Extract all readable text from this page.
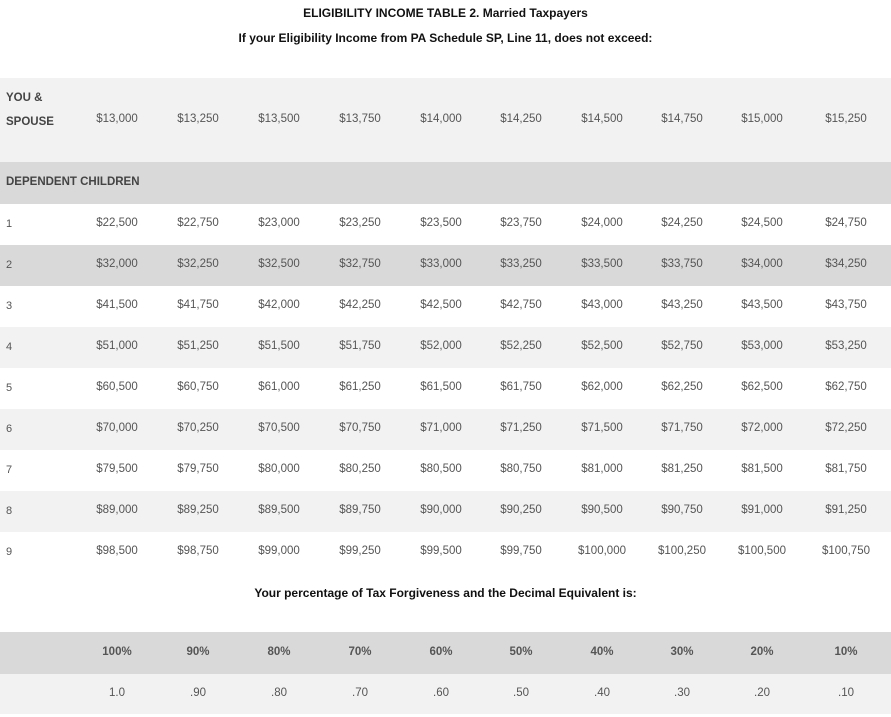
ELIGIBILITY INCOME TABLE 2. Married Taxpayers
If your Eligibility Income from PA Schedule SP, Line 11, does not exceed:
YOU &
SPOUSE	$13,000	$13,250	$13,500	$13,750	$14,000	$14,250	$14,500	$14,750	$15,000	$15,250
DEPENDENT CHILDREN
1	$22,500	$22,750	$23,000	$23,250	$23,500	$23,750	$24,000	$24,250	$24,500	$24,750
2	$32,000	$32,250	$32,500	$32,750	$33,000	$33,250	$33,500	$33,750	$34,000	$34,250
3	$41,500	$41,750	$42,000	$42,250	$42,500	$42,750	$43,000	$43,250	$43,500	$43,750
4	$51,000	$51,250	$51,500	$51,750	$52,000	$52,250	$52,500	$52,750	$53,000	$53,250
5	$60,500	$60,750	$61,000	$61,250	$61,500	$61,750	$62,000	$62,250	$62,500	$62,750
6	$70,000	$70,250	$70,500	$70,750	$71,000	$71,250	$71,500	$71,750	$72,000	$72,250
7	$79,500	$79,750	$80,000	$80,250	$80,500	$80,750	$81,000	$81,250	$81,500	$81,750
8	$89,000	$89,250	$89,500	$89,750	$90,000	$90,250	$90,500	$90,750	$91,000	$91,250
9	$98,500	$98,750	$99,000	$99,250	$99,500	$99,750	$100,000	$100,250	$100,500	$100,750
Your percentage of Tax Forgiveness and the Decimal Equivalent is:
100%	90%	80%	70%	60%	50%	40%	30%	20%	10%
1.0	.90	.80	.70	.60	.50	.40	.30	.20	.10
